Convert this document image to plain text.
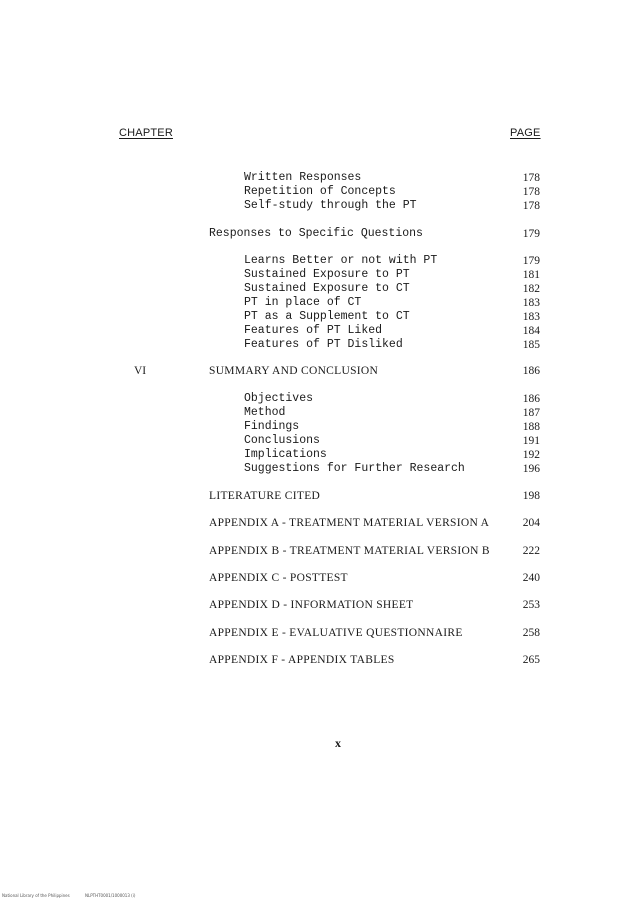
CHAPTER	PAGE
Written Responses	178
Repetition of Concepts	178
Self-study through the PT	178
Responses to Specific Questions	179
Learns Better or not with PT	179
Sustained Exposure to PT	181
Sustained Exposure to CT	182
PT in place of CT	183
PT as a Supplement to CT	183
Features of PT Liked	184
Features of PT Disliked	185
VI	SUMMARY AND CONCLUSION	186
Objectives	186
Method	187
Findings	188
Conclusions	191
Implications	192
Suggestions for Further Research	196
LITERATURE CITED	198
APPENDIX A - TREATMENT MATERIAL VERSION A	204
APPENDIX B - TREATMENT MATERIAL VERSION B	222
APPENDIX C - POSTTEST	240
APPENDIX D - INFORMATION SHEET	253
APPENDIX E - EVALUATIVE QUESTIONNAIRE	258
APPENDIX F - APPENDIX TABLES	265
x
National Library of the Philippines	NLPTHT0001/1000013 (i)
